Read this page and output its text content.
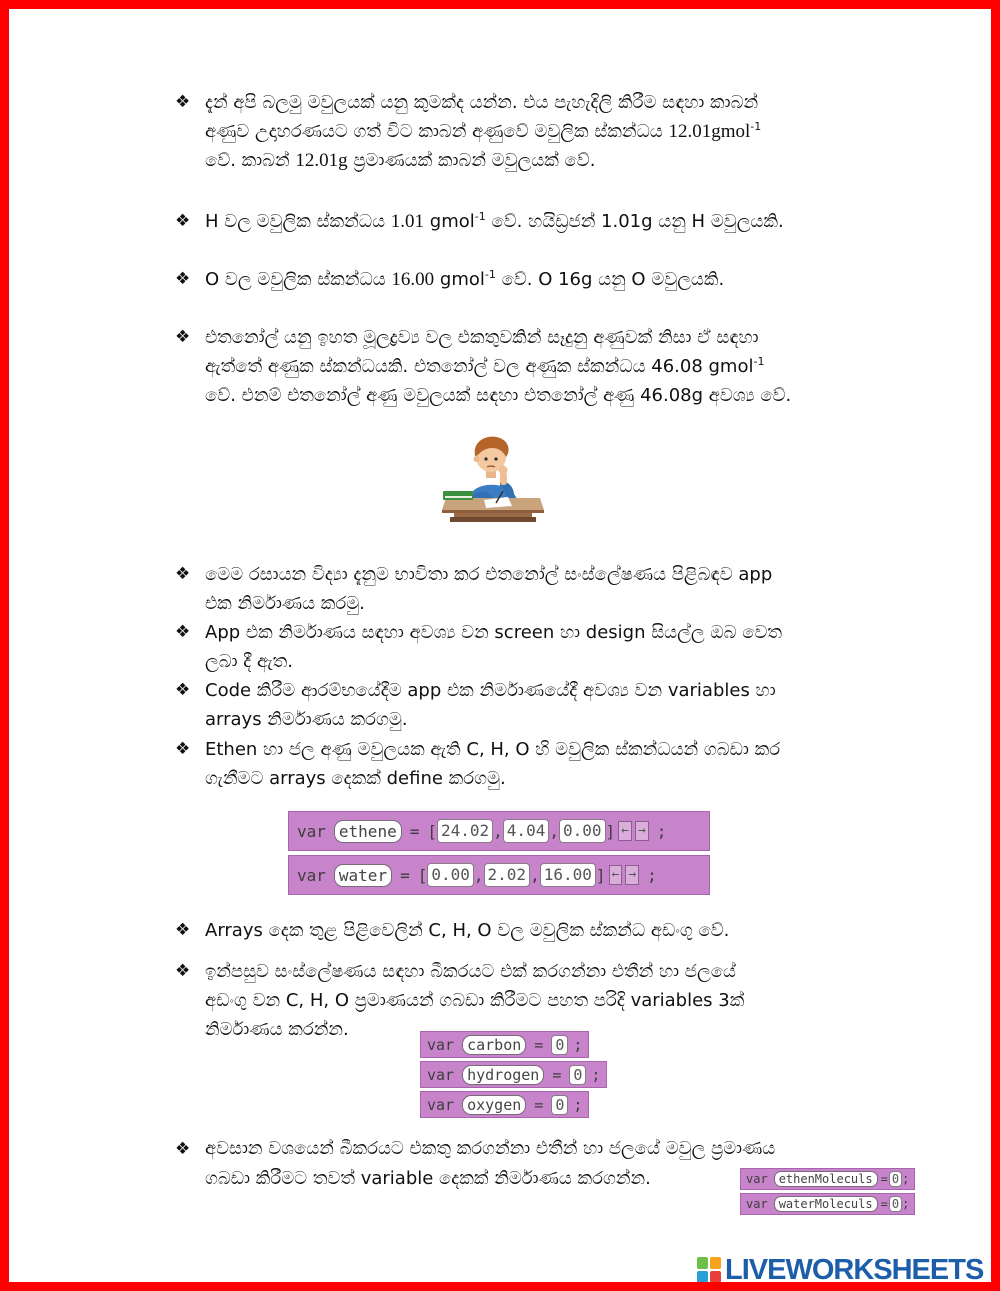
❖ දැන් අපි බලමු මවුලයක් යනු කුමක්ද යන්න. එය පැහැදිලි කිරීම සඳහා කාබන්
අණුව උදාහරණයට ගත් විට කාබන් අණුවේ මවුලික ස්කන්ධය 12.01gmol$^{-1}$
වේ. කාබන් 12.01g ප්‍රමාණයක් කාබන් මවුලයක් වේ.
❖ H වල මවුලික ස්කන්ධය 1.01 gmol$^{-1}$ වේ. හයිඩ්‍රජන් 1.01g යනු H මවුලයකි.
❖ O වල මවුලික ස්කන්ධය 16.00 gmol$^{-1}$ වේ. O 16g යනු O මවුලයකි.
❖ එතනෝල් යනු ඉහත මූලද්‍රව්‍ය වල එකතුවකින් සෑදුනු අණුවක් නිසා ඒ සඳහා
ඇත්තේ අණුක ස්කන්ධයකි. එතනෝල් වල අණුක ස්කන්ධය 46.08 gmol$^{-1}$
වේ. එනම් එතනෝල් අණු මවුලයක් සඳහා එතනෝල් අණු 46.08g අවශ්‍ය වේ.
❖ මෙම රසායන විද්‍යා දැනුම භාවිතා කර එතනෝල් සංස්ලේෂණය පිළිබඳව app
එක නිර්මාණය කරමු.
❖ App එක නිර්මාණය සඳහා අවශ්‍ය වන screen හා design සියල්ල ඔබ වෙත
ලබා දී ඇත.
❖ Code කිරීම ආරම්භයේදීම app එක නිර්මාණයේදී අවශ්‍ය වන variables හා
arrays නිර්මාණය කරගමු.
❖ Ethen හා ජල අණු මවුලයක ඇති C, H, O හි මවුලික ස්කන්ධයන් ගබඩා කර
ගැනීමට arrays දෙකක් define කරගමු.
var ethene = [ 24.02 , 4.04 , 0.00 ] ← → ;
var water = [ 0.00 , 2.02 , 16.00 ] ← → ;
❖ Arrays දෙක තුළ පිළිවෙලින් C, H, O වල මවුලික ස්කන්ධ අඩංගු වේ.
❖ ඉන්පසුව සංස්ලේෂණය සඳහා බීකරයට එක් කරගන්නා එතීන් හා ජලයේ
අඩංගු වන C, H, O ප්‍රමාණයන් ගබඩා කිරීමට පහත පරිදි variables 3ක්
නිර්මාණය කරන්න.
var carbon = 0 ;
var hydrogen = 0 ;
var oxygen = 0 ;
❖ අවසාන වශයෙන් බීකරයට එකතු කරගන්නා එතීන් හා ජලයේ මවුල ප්‍රමාණය
ගබඩා කිරීමට තවත් variable දෙකක් නිර්මාණය කරගන්න.	var ethenMoleculs = 0 ;
var waterMoleculs = 0 ;
LIVEWORKSHEETS
